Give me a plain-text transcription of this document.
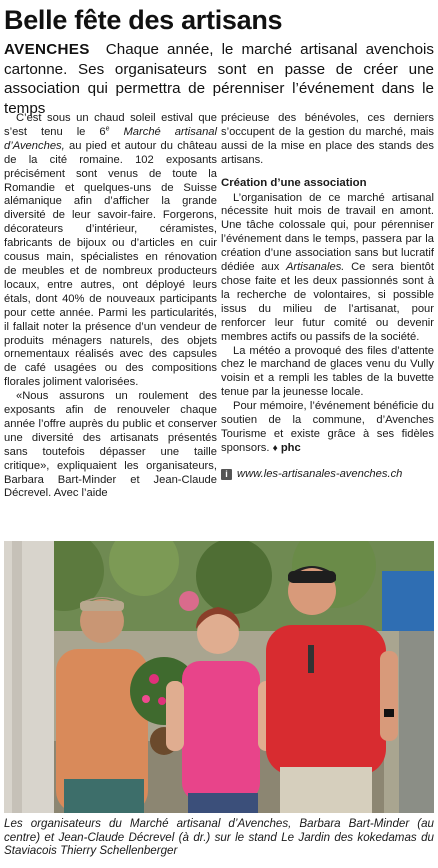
Belle fête des artisans

AVENCHES Chaque année, le marché artisanal avenchois cartonne. Ses organisateurs sont en passe de créer une association qui permettra de pérenniser l’événement dans le temps

C’est sous un chaud soleil estival que s’est tenu le 6e Marché artisanal d’Avenches, au pied et autour du château de la cité romaine. 102 exposants précisément sont venus de toute la Romandie et quelques-uns de Suisse alémanique afin d’afficher la grande diversité de leur savoir-faire. Forgerons, décorateurs d’intérieur, céramistes, fabricants de bijoux ou d’articles en cuir cousus main, spécialistes en rénovation de meubles et de nombreux producteurs locaux, entre autres, ont déployé leurs étals, dont 40% de nouveaux participants pour cette année. Parmi les particularités, il fallait noter la présence d’un vendeur de produits ménagers naturels, des objets ornementaux réalisés avec des capsules de café usagées ou des compositions florales joliment valorisées.

«Nous assurons un roulement des exposants afin de renouveler chaque année l’offre auprès du public et conserver une diversité des artisanats présentés sans toutefois dépasser une taille critique», expliquaient les organisateurs, Barbara Bart-Minder et Jean-Claude Décrevel. Avec l’aide

précieuse des bénévoles, ces derniers s’occupent de la gestion du marché, mais aussi de la mise en place des stands des artisans.

Création d’une association

L’organisation de ce marché artisanal nécessite huit mois de travail en amont. Une tâche colossale qui, pour pérenniser l’événement dans le temps, passera par la création d’une association sans but lucratif dédiée aux Artisanales. Ce sera bientôt chose faite et les deux passionnés sont à la recherche de volontaires, si possible issus du milieu de l’artisanat, pour renforcer leur futur comité ou devenir membres actifs ou passifs de la société.

La météo a provoqué des files d’attente chez le marchand de glaces venu du Vully voisin et a rempli les tables de la buvette tenue par la jeunesse locale.

Pour mémoire, l’événement bénéficie du soutien de la commune, d’Avenches Tourisme et existe grâce à ses fidèles sponsors. ♦ phc

i www.les-artisanales-avenches.ch

Les organisateurs du Marché artisanal d’Avenches, Barbara Bart-Minder (au centre) et Jean-Claude Décrevel (à dr.) sur le stand Le Jardin des kokedamas du Staviacois Thierry Schellenberger
